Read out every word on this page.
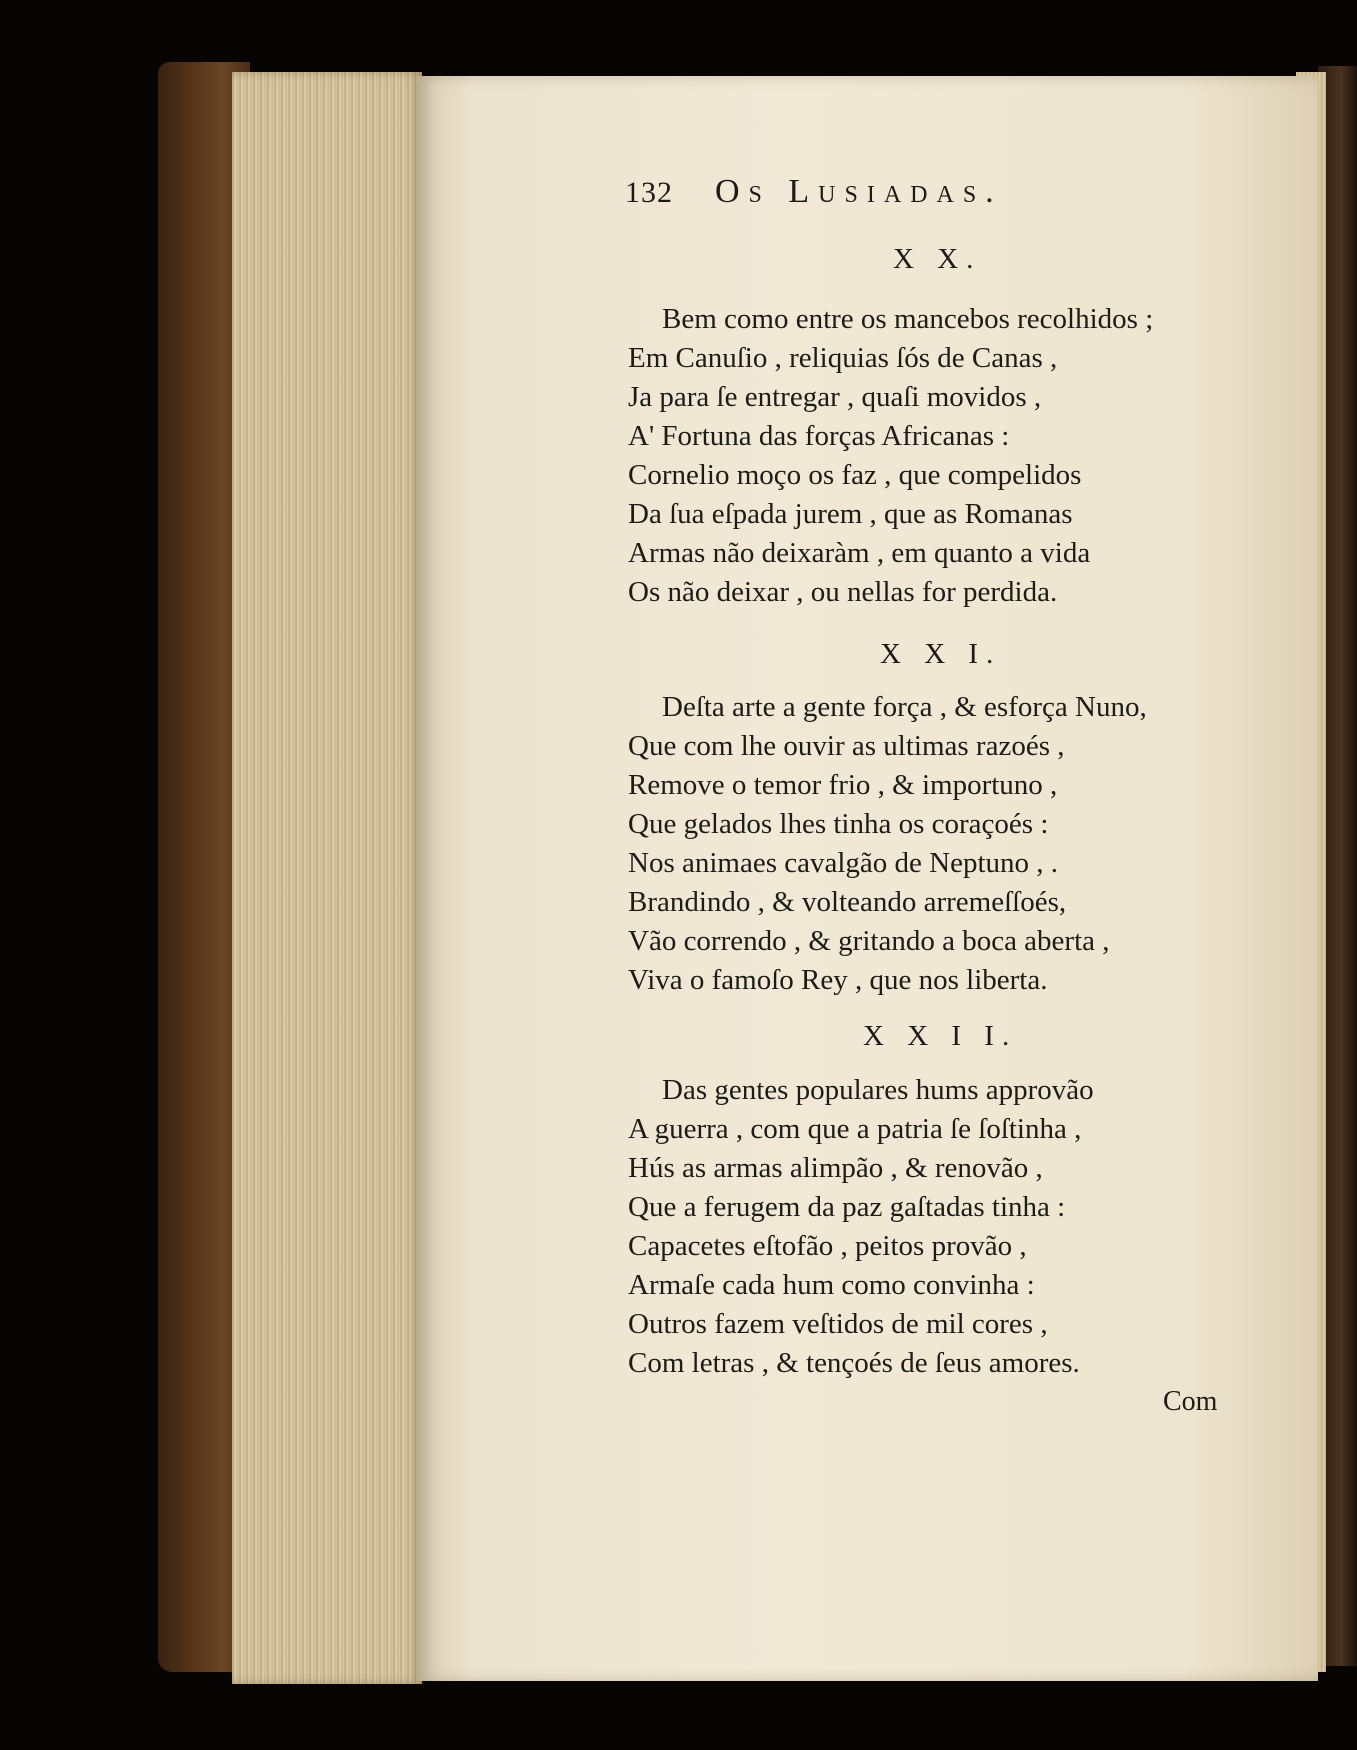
132	Os Lusiadas.
X X.
Bem como entre os mancebos recolhidos ;
Em Canuſio , reliquias ſós de Canas ,
Ja para ſe entregar , quaſi movidos ,
A' Fortuna das forças Africanas :
Cornelio moço os faz , que compelidos
Da ſua eſpada jurem , que as Romanas
Armas não deixaràm , em quanto a vida
Os não deixar , ou nellas for perdida.
X X I.
Deſta arte a gente força , & esforça Nuno,
Que com lhe ouvir as ultimas razoés ,
Remove o temor frio , & importuno ,
Que gelados lhes tinha os coraçoés :
Nos animaes cavalgão de Neptuno , .
Brandindo , & volteando arremeſſoés,
Vão correndo , & gritando a boca aberta ,
Viva o famoſo Rey , que nos liberta.
X X I I.
Das gentes populares hums approvão
A guerra , com que a patria ſe ſoſtinha ,
Hús as armas alimpão , & renovão ,
Que a ferugem da paz gaſtadas tinha :
Capacetes eſtofão , peitos provão ,
Armaſe cada hum como convinha :
Outros fazem veſtidos de mil cores ,
Com letras , & tençoés de ſeus amores.
Com
